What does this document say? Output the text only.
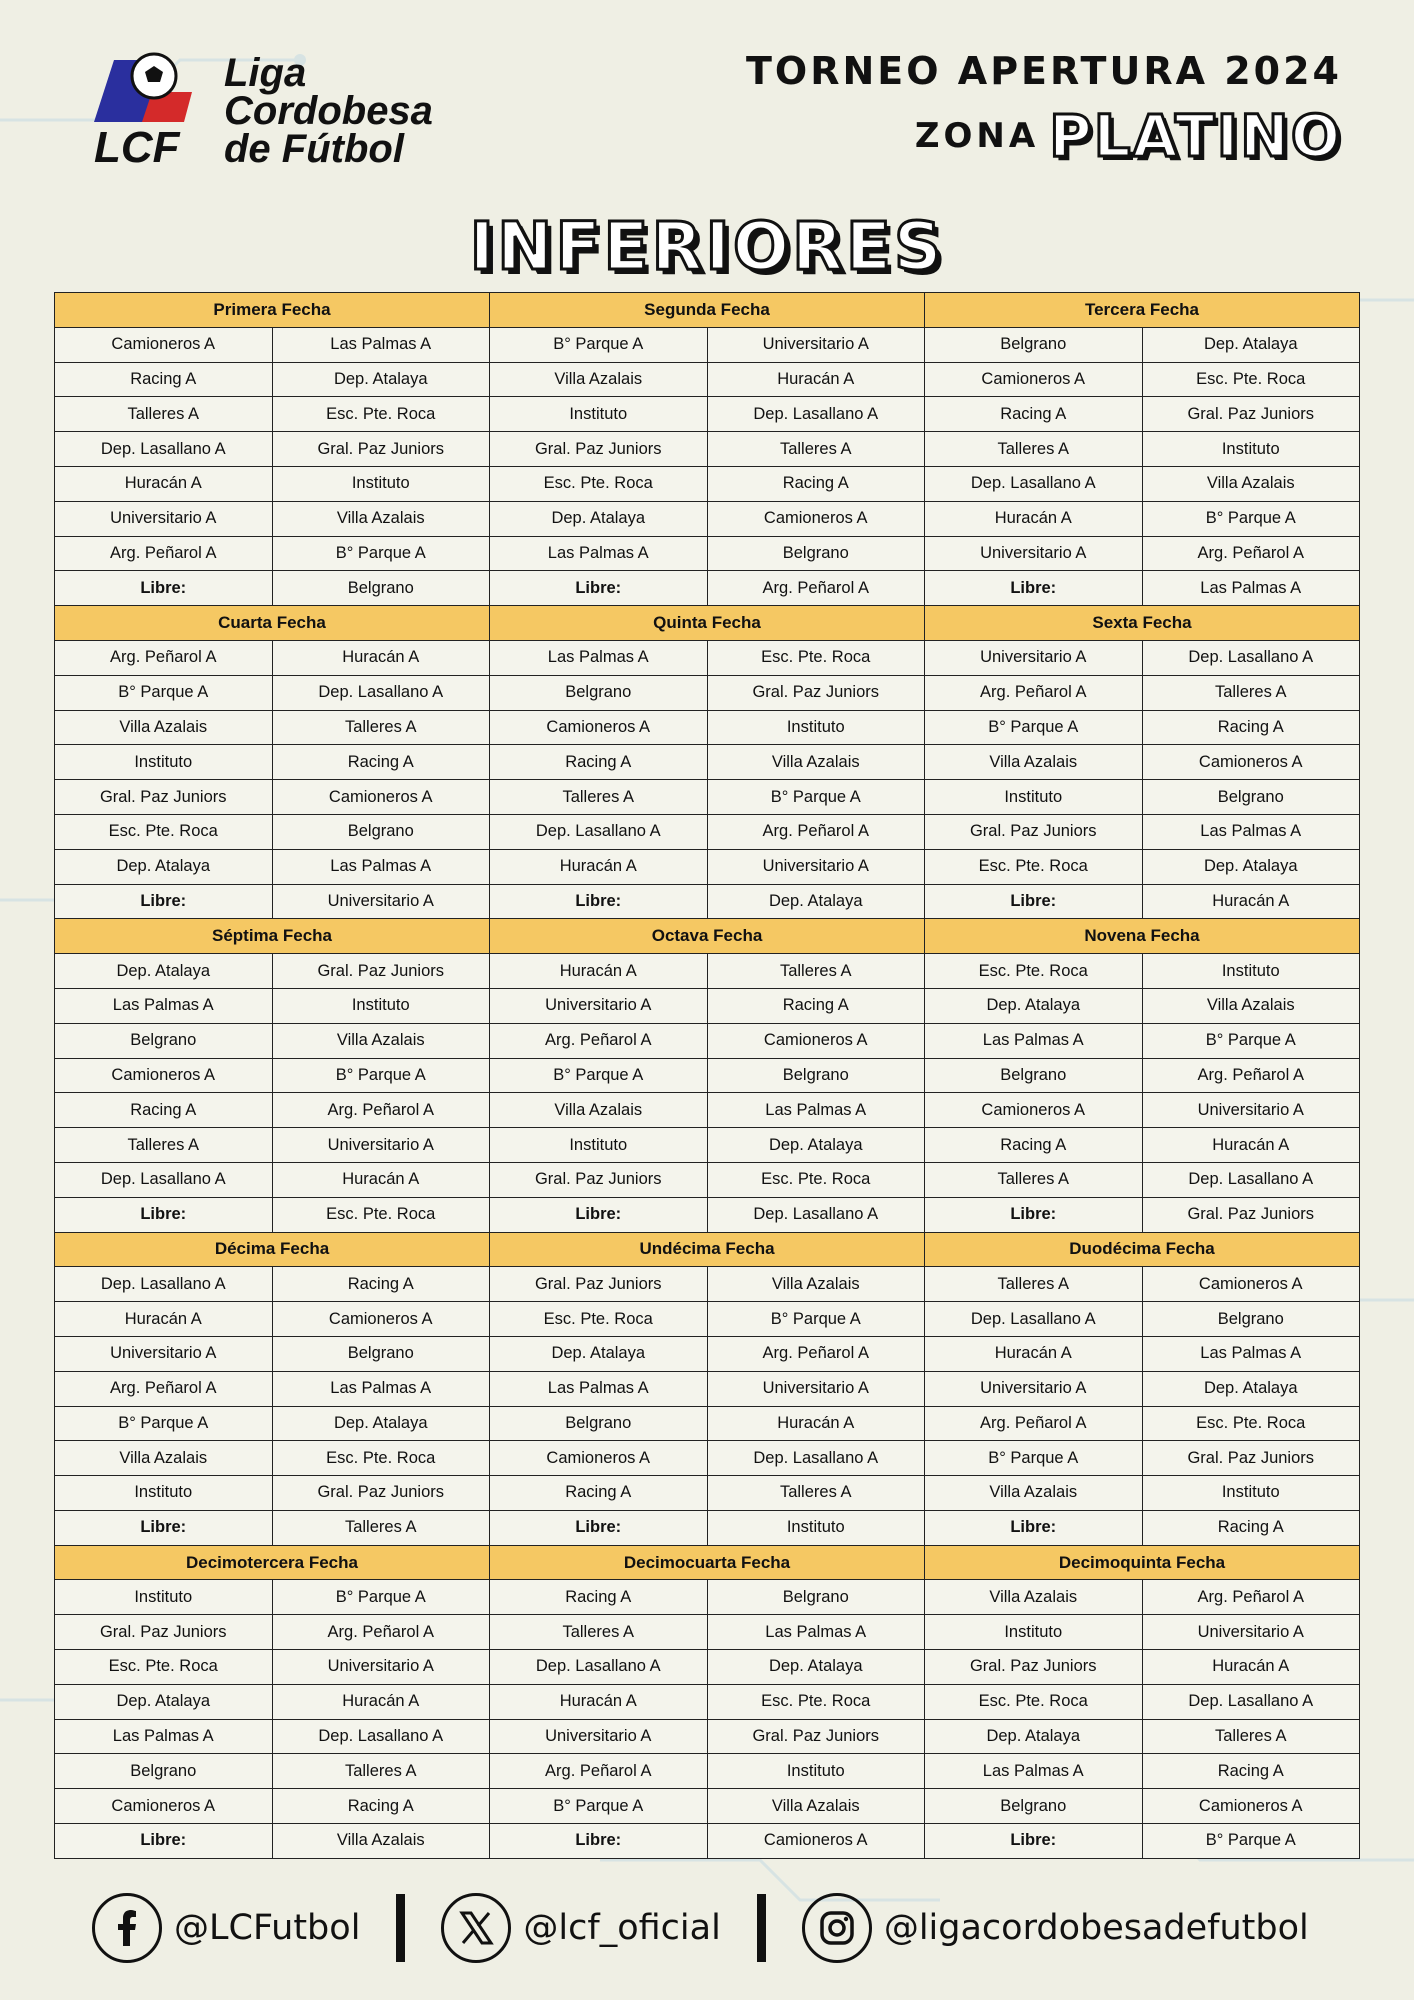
LCF
Liga
Cordobesa
de Fútbol
TORNEO APERTURA 2024
ZONA PLATINO
INFERIORES
Primera Fecha		Segunda Fecha		Tercera Fecha	
Camioneros A	Las Palmas A	B° Parque A	Universitario A	Belgrano	Dep. Atalaya
Racing A	Dep. Atalaya	Villa Azalais	Huracán A	Camioneros A	Esc. Pte. Roca
Talleres A	Esc. Pte. Roca	Instituto	Dep. Lasallano A	Racing A	Gral. Paz Juniors
Dep. Lasallano A	Gral. Paz Juniors	Gral. Paz Juniors	Talleres A	Talleres A	Instituto
Huracán A	Instituto	Esc. Pte. Roca	Racing A	Dep. Lasallano A	Villa Azalais
Universitario A	Villa Azalais	Dep. Atalaya	Camioneros A	Huracán A	B° Parque A
Arg. Peñarol A	B° Parque A	Las Palmas A	Belgrano	Universitario A	Arg. Peñarol A
Libre:	Belgrano	Libre:	Arg. Peñarol A	Libre:	Las Palmas A
Cuarta Fecha		Quinta Fecha		Sexta Fecha	
Arg. Peñarol A	Huracán A	Las Palmas A	Esc. Pte. Roca	Universitario A	Dep. Lasallano A
B° Parque A	Dep. Lasallano A	Belgrano	Gral. Paz Juniors	Arg. Peñarol A	Talleres A
Villa Azalais	Talleres A	Camioneros A	Instituto	B° Parque A	Racing A
Instituto	Racing A	Racing A	Villa Azalais	Villa Azalais	Camioneros A
Gral. Paz Juniors	Camioneros A	Talleres A	B° Parque A	Instituto	Belgrano
Esc. Pte. Roca	Belgrano	Dep. Lasallano A	Arg. Peñarol A	Gral. Paz Juniors	Las Palmas A
Dep. Atalaya	Las Palmas A	Huracán A	Universitario A	Esc. Pte. Roca	Dep. Atalaya
Libre:	Universitario A	Libre:	Dep. Atalaya	Libre:	Huracán A
Séptima Fecha		Octava Fecha		Novena Fecha	
Dep. Atalaya	Gral. Paz Juniors	Huracán A	Talleres A	Esc. Pte. Roca	Instituto
Las Palmas A	Instituto	Universitario A	Racing A	Dep. Atalaya	Villa Azalais
Belgrano	Villa Azalais	Arg. Peñarol A	Camioneros A	Las Palmas A	B° Parque A
Camioneros A	B° Parque A	B° Parque A	Belgrano	Belgrano	Arg. Peñarol A
Racing A	Arg. Peñarol A	Villa Azalais	Las Palmas A	Camioneros A	Universitario A
Talleres A	Universitario A	Instituto	Dep. Atalaya	Racing A	Huracán A
Dep. Lasallano A	Huracán A	Gral. Paz Juniors	Esc. Pte. Roca	Talleres A	Dep. Lasallano A
Libre:	Esc. Pte. Roca	Libre:	Dep. Lasallano A	Libre:	Gral. Paz Juniors
Décima Fecha		Undécima Fecha		Duodécima Fecha	
Dep. Lasallano A	Racing A	Gral. Paz Juniors	Villa Azalais	Talleres A	Camioneros A
Huracán A	Camioneros A	Esc. Pte. Roca	B° Parque A	Dep. Lasallano A	Belgrano
Universitario A	Belgrano	Dep. Atalaya	Arg. Peñarol A	Huracán A	Las Palmas A
Arg. Peñarol A	Las Palmas A	Las Palmas A	Universitario A	Universitario A	Dep. Atalaya
B° Parque A	Dep. Atalaya	Belgrano	Huracán A	Arg. Peñarol A	Esc. Pte. Roca
Villa Azalais	Esc. Pte. Roca	Camioneros A	Dep. Lasallano A	B° Parque A	Gral. Paz Juniors
Instituto	Gral. Paz Juniors	Racing A	Talleres A	Villa Azalais	Instituto
Libre:	Talleres A	Libre:	Instituto	Libre:	Racing A
Decimotercera Fecha		Decimocuarta Fecha		Decimoquinta Fecha	
Instituto	B° Parque A	Racing A	Belgrano	Villa Azalais	Arg. Peñarol A
Gral. Paz Juniors	Arg. Peñarol A	Talleres A	Las Palmas A	Instituto	Universitario A
Esc. Pte. Roca	Universitario A	Dep. Lasallano A	Dep. Atalaya	Gral. Paz Juniors	Huracán A
Dep. Atalaya	Huracán A	Huracán A	Esc. Pte. Roca	Esc. Pte. Roca	Dep. Lasallano A
Las Palmas A	Dep. Lasallano A	Universitario A	Gral. Paz Juniors	Dep. Atalaya	Talleres A
Belgrano	Talleres A	Arg. Peñarol A	Instituto	Las Palmas A	Racing A
Camioneros A	Racing A	B° Parque A	Villa Azalais	Belgrano	Camioneros A
Libre:	Villa Azalais	Libre:	Camioneros A	Libre:	B° Parque A
@LCFutbol	@lcf_oficial	@ligacordobesadefutbol
